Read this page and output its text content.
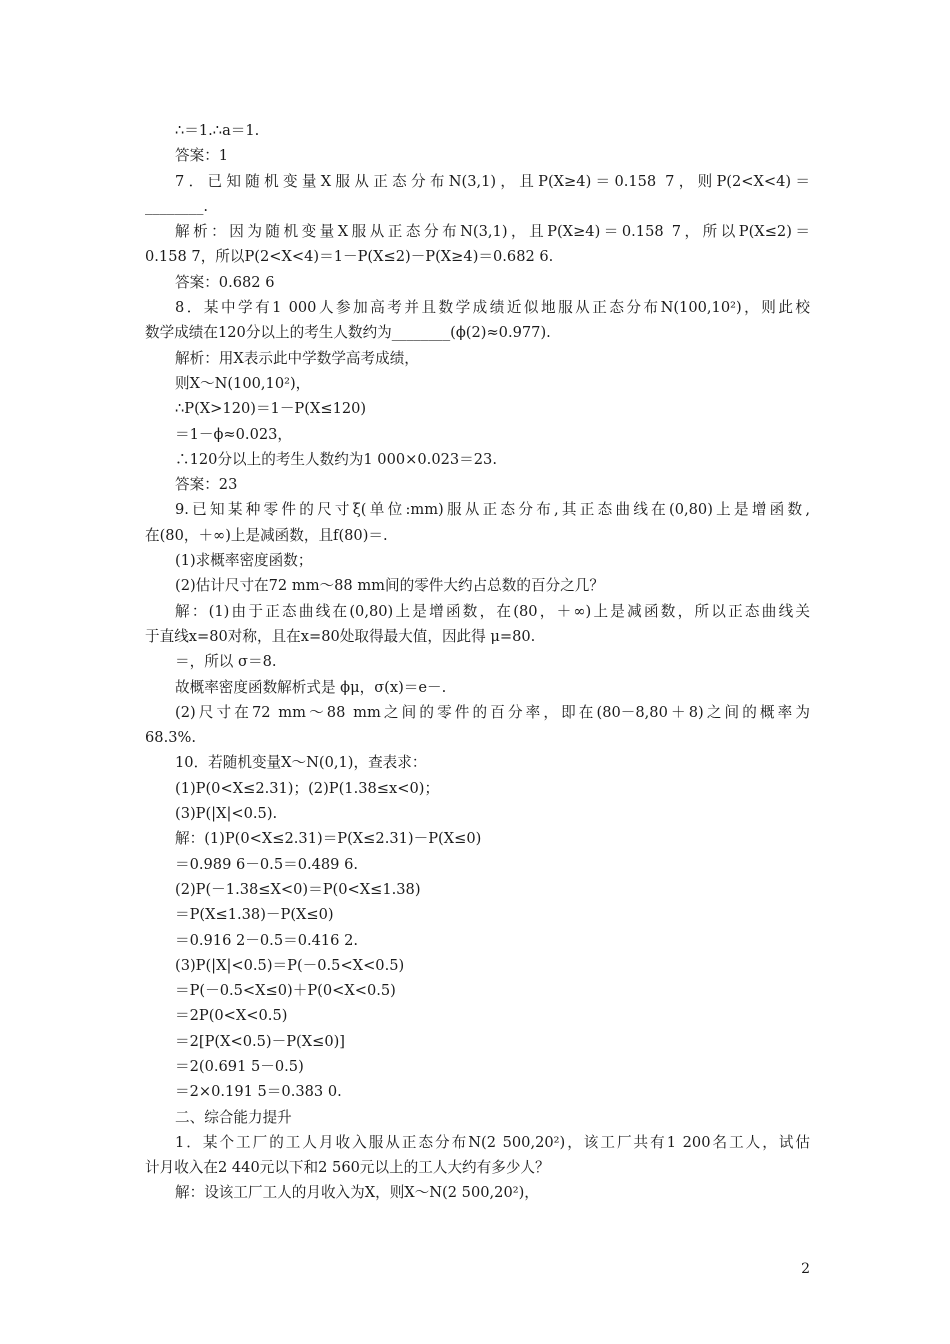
∴＝1.∴a＝1.
答案：1
7．已知随机变量X服从正态分布N(3,1)，且P(X≥4)＝0.158 7，则P(2<X<4)＝
________.
解析：因为随机变量X服从正态分布N(3,1)，且P(X≥4)＝0.158 7，所以P(X≤2)＝
0.158 7，所以P(2<X<4)＝1－P(X≤2)－P(X≥4)＝0.682 6.
答案：0.682 6
8．某中学有1 000人参加高考并且数学成绩近似地服从正态分布N(100,10²)，则此校
数学成绩在120分以上的考生人数约为________(ϕ(2)≈0.977).
解析：用X表示此中学数学高考成绩，
则X～N(100,10²)，
∴P(X>120)＝1－P(X≤120)
＝1－ϕ≈0.023，
∴120分以上的考生人数约为1 000×0.023＝23.
答案：23
9.已知某种零件的尺寸ξ(单位:mm)服从正态分布,其正态曲线在(0,80)上是增函数,
在(80，＋∞)上是减函数，且f(80)＝.
(1)求概率密度函数；
(2)估计尺寸在72 mm～88 mm间的零件大约占总数的百分之几？
解：(1)由于正态曲线在(0,80)上是增函数，在(80，＋∞)上是减函数，所以正态曲线关
于直线x=80对称，且在x=80处取得最大值，因此得 μ=80.
＝，所以 σ＝8.
故概率密度函数解析式是 ϕμ，σ(x)＝e－.
(2)尺寸在72 mm～88 mm之间的零件的百分率，即在(80－8,80＋8)之间的概率为
68.3%.
10．若随机变量X～N(0,1)，查表求：
(1)P(0<X≤2.31)；(2)P(1.38≤x<0)；
(3)P(|X|<0.5).
解：(1)P(0<X≤2.31)＝P(X≤2.31)－P(X≤0)
＝0.989 6－0.5＝0.489 6.
(2)P(－1.38≤X<0)＝P(0<X≤1.38)
＝P(X≤1.38)－P(X≤0)
＝0.916 2－0.5＝0.416 2.
(3)P(|X|<0.5)＝P(－0.5<X<0.5)
＝P(－0.5<X≤0)＋P(0<X<0.5)
＝2P(0<X<0.5)
＝2[P(X<0.5)－P(X≤0)]
＝2(0.691 5－0.5)
＝2×0.191 5＝0.383 0.
二、综合能力提升
1．某个工厂的工人月收入服从正态分布N(2 500,20²)，该工厂共有1 200名工人，试估
计月收入在2 440元以下和2 560元以上的工人大约有多少人？
解：设该工厂工人的月收入为X，则X～N(2 500,20²)，
2
